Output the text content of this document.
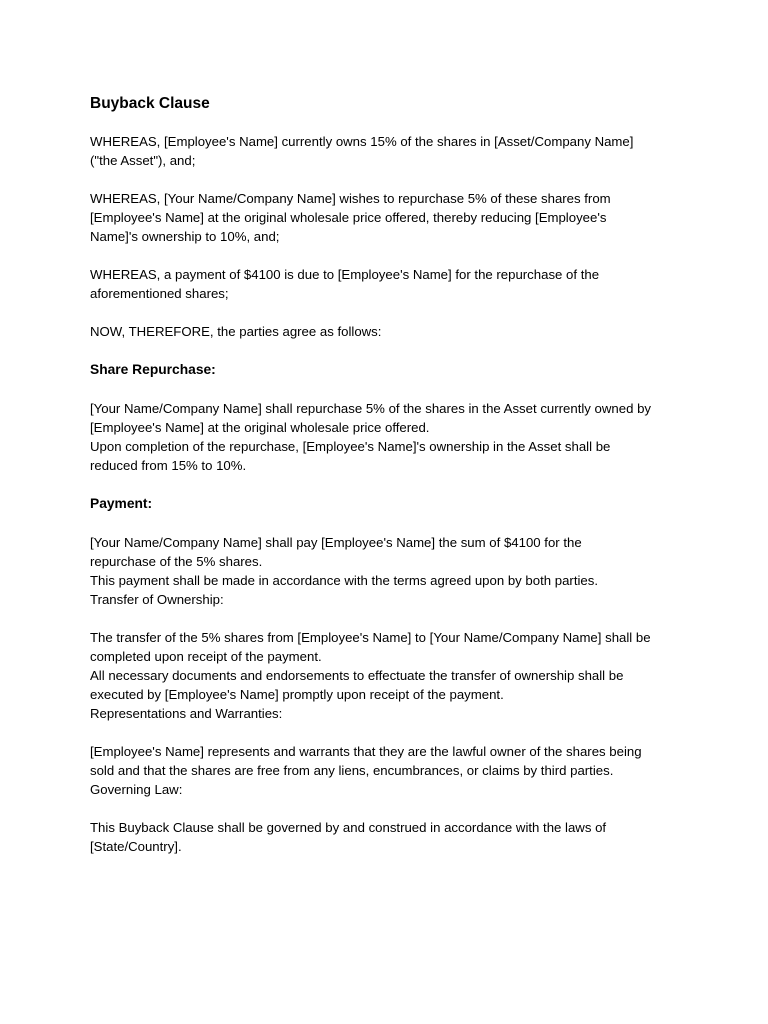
Buyback Clause

WHEREAS, [Employee's Name] currently owns 15% of the shares in [Asset/Company Name]
("the Asset"), and;

WHEREAS, [Your Name/Company Name] wishes to repurchase 5% of these shares from
[Employee's Name] at the original wholesale price offered, thereby reducing [Employee's
Name]'s ownership to 10%, and;

WHEREAS, a payment of $4100 is due to [Employee's Name] for the repurchase of the
aforementioned shares;

NOW, THEREFORE, the parties agree as follows:

Share Repurchase:

[Your Name/Company Name] shall repurchase 5% of the shares in the Asset currently owned by
[Employee's Name] at the original wholesale price offered.
Upon completion of the repurchase, [Employee's Name]'s ownership in the Asset shall be
reduced from 15% to 10%.

Payment:

[Your Name/Company Name] shall pay [Employee's Name] the sum of $4100 for the
repurchase of the 5% shares.
This payment shall be made in accordance with the terms agreed upon by both parties.
Transfer of Ownership:

The transfer of the 5% shares from [Employee's Name] to [Your Name/Company Name] shall be
completed upon receipt of the payment.
All necessary documents and endorsements to effectuate the transfer of ownership shall be
executed by [Employee's Name] promptly upon receipt of the payment.
Representations and Warranties:

[Employee's Name] represents and warrants that they are the lawful owner of the shares being
sold and that the shares are free from any liens, encumbrances, or claims by third parties.
Governing Law:

This Buyback Clause shall be governed by and construed in accordance with the laws of
[State/Country].
